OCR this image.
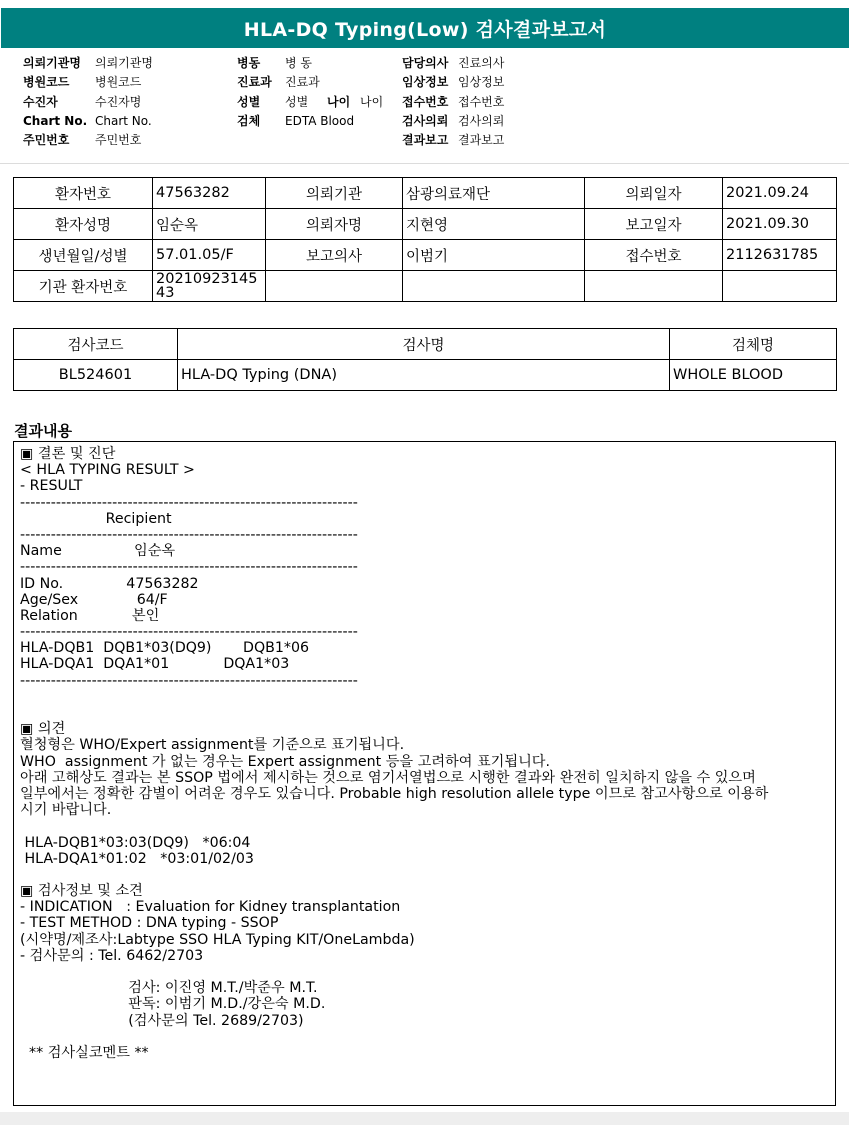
HLA-DQ Typing(Low) 검사결과보고서
의뢰기관명 의뢰기관명
병원코드 병원코드
수진자	수진자명
Chart No. Chart No.
주민번호 주민번호
병동 병 동
진료과 진료과
성별 성별 나이 나이
검체 EDTA Blood
담당의사 진료의사
임상정보 임상정보
접수번호 접수번호
검사의뢰 검사의뢰
결과보고 결과보고
환자번호	47563282	의뢰기관	삼광의료재단	의뢰일자	2021.09.24
환자성명	임순옥	의뢰자명	지현영	보고일자	2021.09.30
생년월일/성별	57.01.05/F	보고의사	이범기	접수번호	2112631785
기관 환자번호	2021092314543				
검사코드	검사명	검체명
BL524601	HLA-DQ Typing (DNA)	WHOLE BLOOD
결과내용
▣ 결론 및 진단
< HLA TYPING RESULT >
- RESULT
------------------------------------------------------------------
Recipient
------------------------------------------------------------------
Name                임순옥
------------------------------------------------------------------
ID No.              47563282
Age/Sex             64/F
Relation            본인
------------------------------------------------------------------
HLA-DQB1  DQB1*03(DQ9)       DQB1*06
HLA-DQA1  DQA1*01            DQA1*03
------------------------------------------------------------------
▣ 의견
혈청형은 WHO/Expert assignment를 기준으로 표기됩니다.
WHO  assignment 가 없는 경우는 Expert assignment 등을 고려하여 표기됩니다.
아래 고해상도 결과는 본 SSOP 법에서 제시하는 것으로 염기서열법으로 시행한 결과와 완전히 일치하지 않을 수 있으며
일부에서는 정확한 감별이 어려운 경우도 있습니다. Probable high resolution allele type 이므로 참고사항으로 이용하
시기 바랍니다.
HLA-DQB1*03:03(DQ9)   *06:04
HLA-DQA1*01:02   *03:01/02/03
▣ 검사정보 및 소견
- INDICATION   : Evaluation for Kidney transplantation
- TEST METHOD : DNA typing - SSOP
(시약명/제조사:Labtype SSO HLA Typing KIT/OneLambda)
- 검사문의 : Tel. 6462/2703
검사: 이진영 M.T./박준우 M.T.
판독: 이범기 M.D./강은숙 M.D.
(검사문의 Tel. 2689/2703)
** 검사실코멘트 **
